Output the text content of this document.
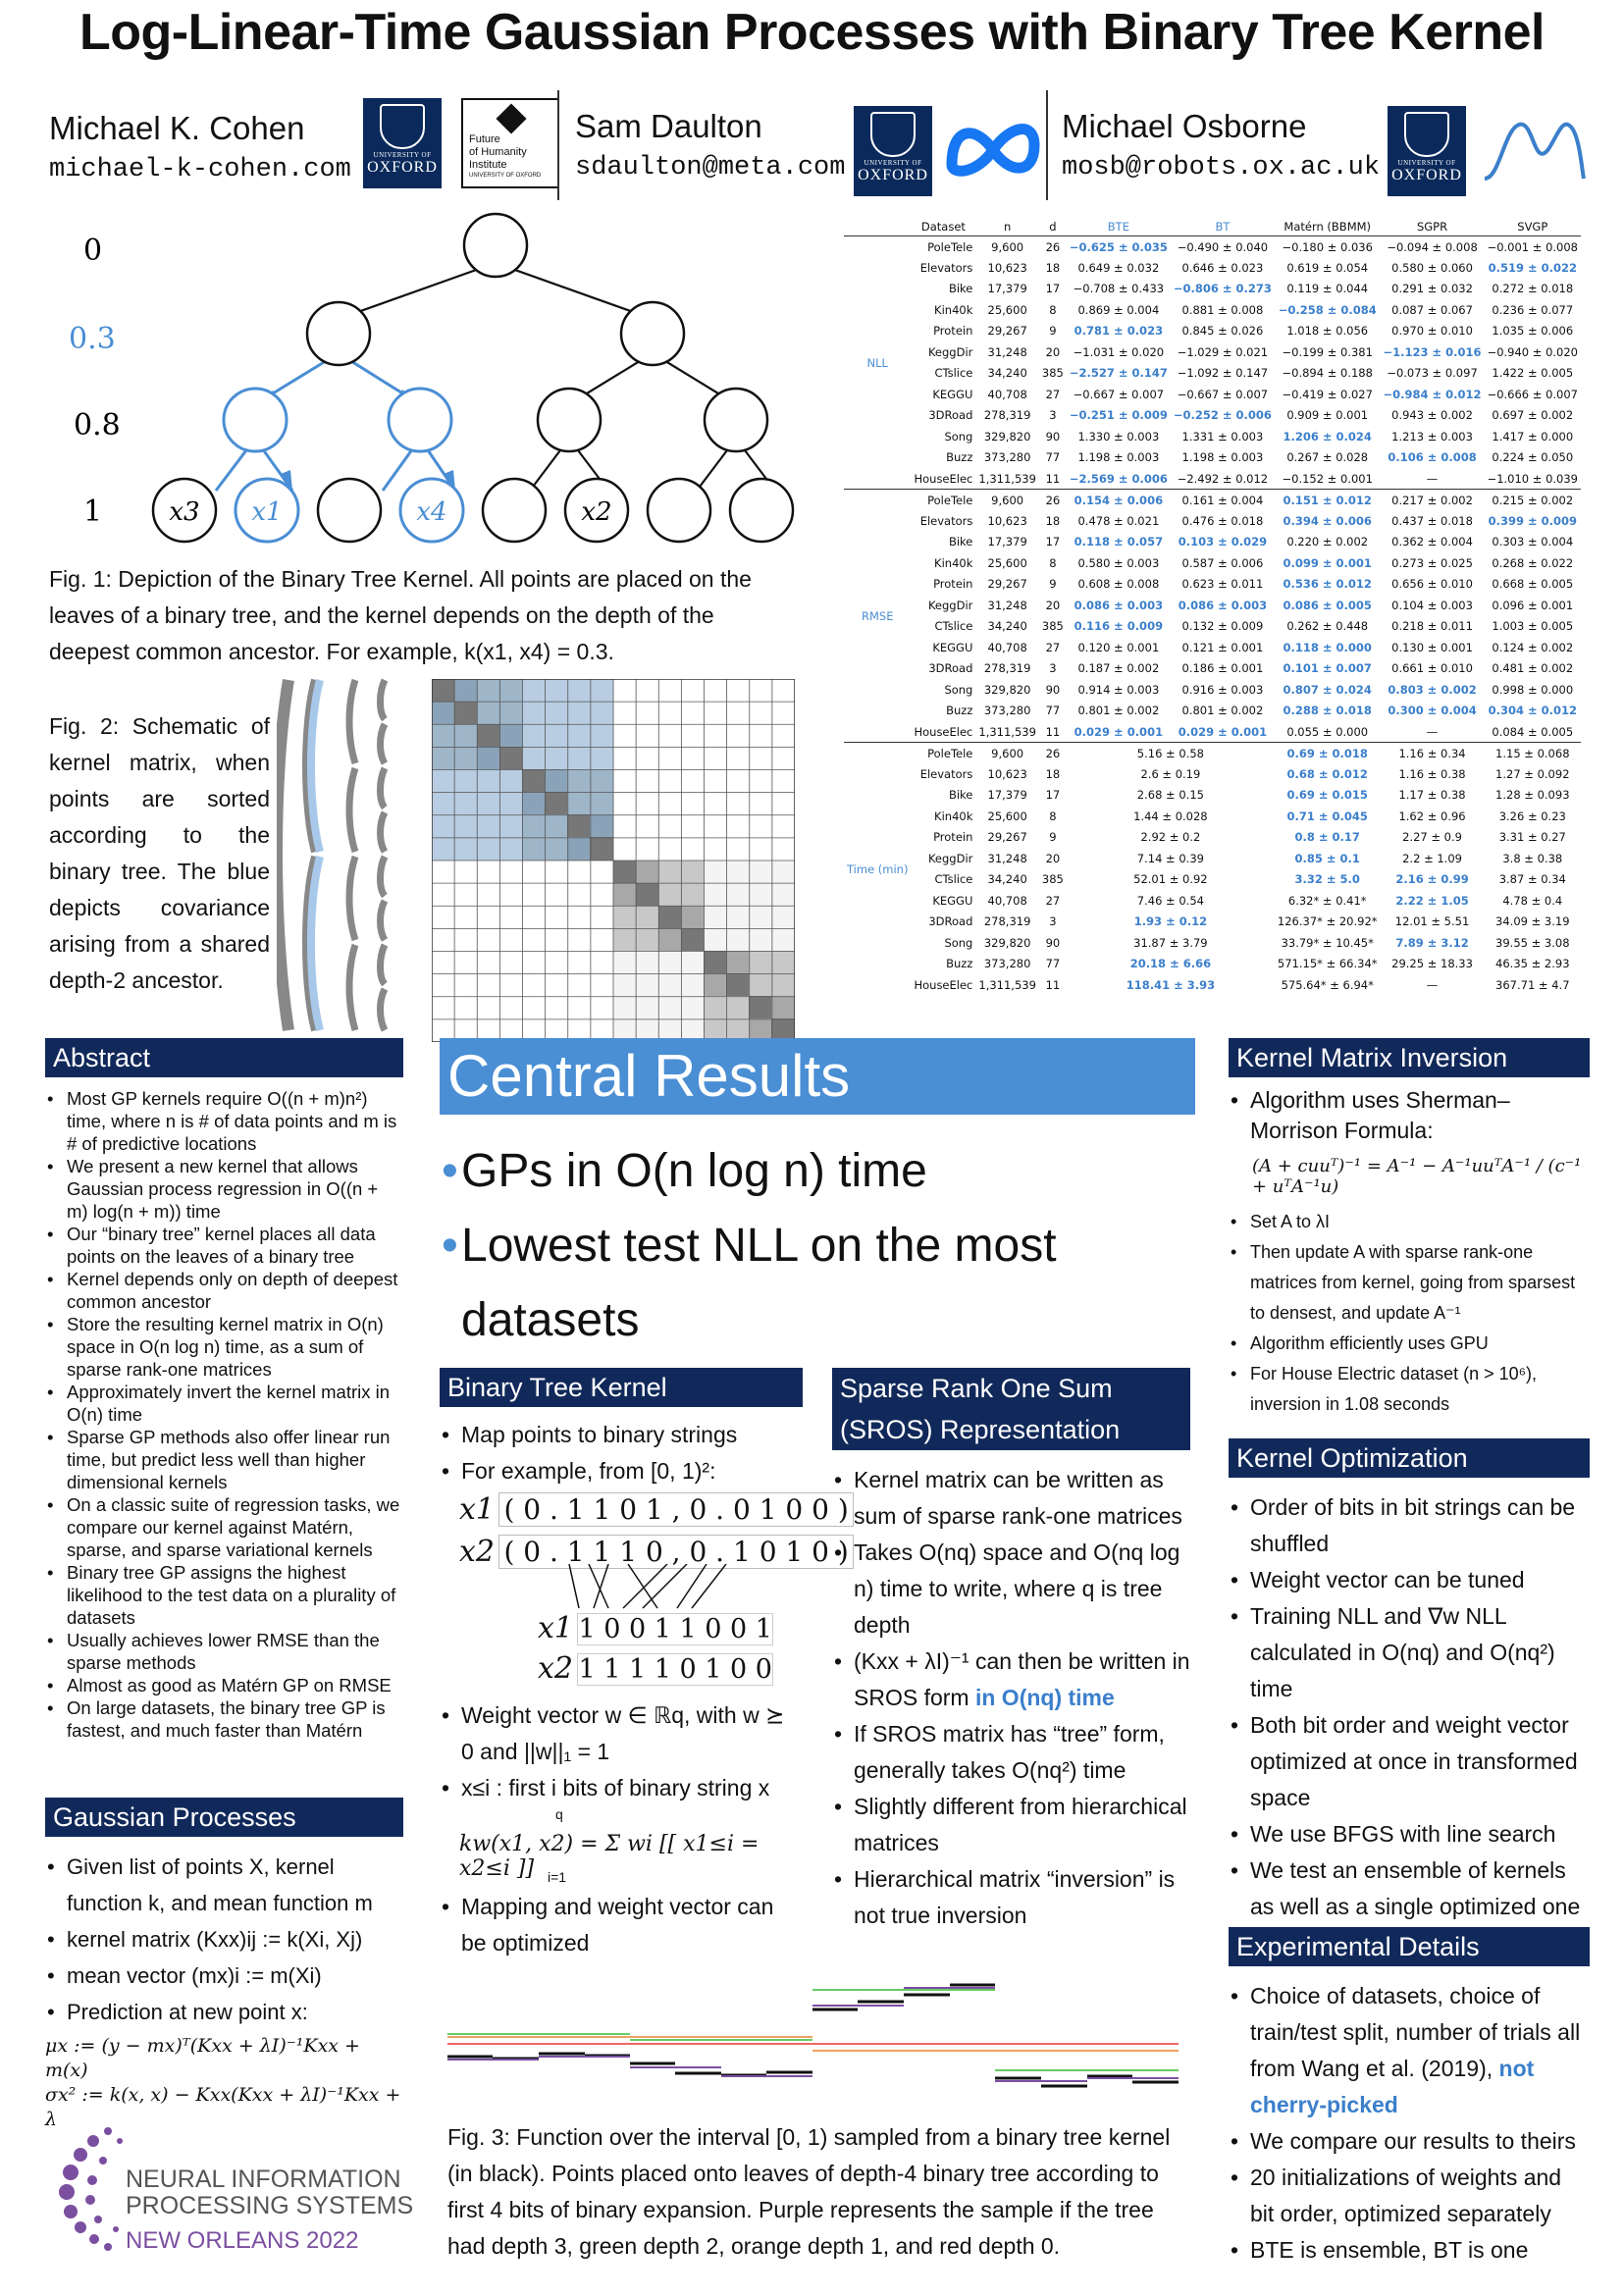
Log-Linear-Time Gaussian Processes with Binary Tree Kernel
Michael K. Cohen
michael-k-cohen.com	UNIVERSITY OF
OXFORD
Future
of Humanity
Institute
UNIVERSITY OF OXFORD
Sam Daulton
sdaulton@meta.com	UNIVERSITY OF
OXFORD
Michael Osborne
mosb@robots.ox.ac.uk	UNIVERSITY OF
OXFORD
0
0.3
0.8
1	x3 x1	x4	x2
Fig. 1: Depiction of the Binary Tree Kernel. All points are placed on the leaves of a binary tree, and the kernel depends on the depth of the deepest common ancestor. For example, k(x1, x4) = 0.3.
Fig. 2: Schematic of kernel matrix, when points are sorted according to the binary tree. The blue depicts covariance arising from a shared depth-2 ancestor.
	Dataset	n	d	BTE	BT	Matérn (BBMM)	SGPR	SVGP
NLL	PoleTele	9,600	26	−0.625 ± 0.035	−0.490 ± 0.040	−0.180 ± 0.036	−0.094 ± 0.008	−0.001 ± 0.008
	Elevators	10,623	18	0.649 ± 0.032	0.646 ± 0.023	0.619 ± 0.054	0.580 ± 0.060	0.519 ± 0.022
	Bike	17,379	17	−0.708 ± 0.433	−0.806 ± 0.273	0.119 ± 0.044	0.291 ± 0.032	0.272 ± 0.018
	Kin40k	25,600	8	0.869 ± 0.004	0.881 ± 0.008	−0.258 ± 0.084	0.087 ± 0.067	0.236 ± 0.077
	Protein	29,267	9	0.781 ± 0.023	0.845 ± 0.026	1.018 ± 0.056	0.970 ± 0.010	1.035 ± 0.006
	KeggDir	31,248	20	−1.031 ± 0.020	−1.029 ± 0.021	−0.199 ± 0.381	−1.123 ± 0.016	−0.940 ± 0.020
	CTslice	34,240	385	−2.527 ± 0.147	−1.092 ± 0.147	−0.894 ± 0.188	−0.073 ± 0.097	1.422 ± 0.005
	KEGGU	40,708	27	−0.667 ± 0.007	−0.667 ± 0.007	−0.419 ± 0.027	−0.984 ± 0.012	−0.666 ± 0.007
	3DRoad	278,319	3	−0.251 ± 0.009	−0.252 ± 0.006	0.909 ± 0.001	0.943 ± 0.002	0.697 ± 0.002
	Song	329,820	90	1.330 ± 0.003	1.331 ± 0.003	1.206 ± 0.024	1.213 ± 0.003	1.417 ± 0.000
	Buzz	373,280	77	1.198 ± 0.003	1.198 ± 0.003	0.267 ± 0.028	0.106 ± 0.008	0.224 ± 0.050
	HouseElec	1,311,539	11	−2.569 ± 0.006	−2.492 ± 0.012	−0.152 ± 0.001	—	−1.010 ± 0.039
RMSE	PoleTele	9,600	26	0.154 ± 0.006	0.161 ± 0.004	0.151 ± 0.012	0.217 ± 0.002	0.215 ± 0.002
	Elevators	10,623	18	0.478 ± 0.021	0.476 ± 0.018	0.394 ± 0.006	0.437 ± 0.018	0.399 ± 0.009
	Bike	17,379	17	0.118 ± 0.057	0.103 ± 0.029	0.220 ± 0.002	0.362 ± 0.004	0.303 ± 0.004
	Kin40k	25,600	8	0.580 ± 0.003	0.587 ± 0.006	0.099 ± 0.001	0.273 ± 0.025	0.268 ± 0.022
	Protein	29,267	9	0.608 ± 0.008	0.623 ± 0.011	0.536 ± 0.012	0.656 ± 0.010	0.668 ± 0.005
	KeggDir	31,248	20	0.086 ± 0.003	0.086 ± 0.003	0.086 ± 0.005	0.104 ± 0.003	0.096 ± 0.001
	CTslice	34,240	385	0.116 ± 0.009	0.132 ± 0.009	0.262 ± 0.448	0.218 ± 0.011	1.003 ± 0.005
	KEGGU	40,708	27	0.120 ± 0.001	0.121 ± 0.001	0.118 ± 0.000	0.130 ± 0.001	0.124 ± 0.002
	3DRoad	278,319	3	0.187 ± 0.002	0.186 ± 0.001	0.101 ± 0.007	0.661 ± 0.010	0.481 ± 0.002
	Song	329,820	90	0.914 ± 0.003	0.916 ± 0.003	0.807 ± 0.024	0.803 ± 0.002	0.998 ± 0.000
	Buzz	373,280	77	0.801 ± 0.002	0.801 ± 0.002	0.288 ± 0.018	0.300 ± 0.004	0.304 ± 0.012
	HouseElec	1,311,539	11	0.029 ± 0.001	0.029 ± 0.001	0.055 ± 0.000	—	0.084 ± 0.005
Time (min)	PoleTele	9,600	26	5.16 ± 0.58		0.69 ± 0.018	1.16 ± 0.34	1.15 ± 0.068
	Elevators	10,623	18	2.6 ± 0.19		0.68 ± 0.012	1.16 ± 0.38	1.27 ± 0.092
	Bike	17,379	17	2.68 ± 0.15		0.69 ± 0.015	1.17 ± 0.38	1.28 ± 0.093
	Kin40k	25,600	8	1.44 ± 0.028		0.71 ± 0.045	1.62 ± 0.96	3.26 ± 0.23
	Protein	29,267	9	2.92 ± 0.2		0.8 ± 0.17	2.27 ± 0.9	3.31 ± 0.27
	KeggDir	31,248	20	7.14 ± 0.39		0.85 ± 0.1	2.2 ± 1.09	3.8 ± 0.38
	CTslice	34,240	385	52.01 ± 0.92		3.32 ± 5.0	2.16 ± 0.99	3.87 ± 0.34
	KEGGU	40,708	27	7.46 ± 0.54		6.32* ± 0.41*	2.22 ± 1.05	4.78 ± 0.4
	3DRoad	278,319	3	1.93 ± 0.12		126.37* ± 20.92*	12.01 ± 5.51	34.09 ± 3.19
	Song	329,820	90	31.87 ± 3.79		33.79* ± 10.45*	7.89 ± 3.12	39.55 ± 3.08
	Buzz	373,280	77	20.18 ± 6.66		571.15* ± 66.34*	29.25 ± 18.33	46.35 ± 2.93
	HouseElec	1,311,539	11	118.41 ± 3.93		575.64* ± 6.94*	—	367.71 ± 4.7
Abstract
• Most GP kernels require O((n + m)n²) time, where n is # of data points and m is # of predictive locations
• We present a new kernel that allows Gaussian process regression in O((n + m) log(n + m)) time
• Our “binary tree” kernel places all data points on the leaves of a binary tree
• Kernel depends only on depth of deepest common ancestor
• Store the resulting kernel matrix in O(n) space in O(n log n) time, as a sum of sparse rank-one matrices
• Approximately invert the kernel matrix in O(n) time
• Sparse GP methods also offer linear run time, but predict less well than higher dimensional kernels
• On a classic suite of regression tasks, we compare our kernel against Matérn, sparse, and sparse variational kernels
• Binary tree GP assigns the highest likelihood to the test data on a plurality of datasets
• Usually achieves lower RMSE than the sparse methods
• Almost as good as Matérn GP on RMSE
• On large datasets, the binary tree GP is fastest, and much faster than Matérn
Gaussian Processes
• Given list of points X, kernel function k, and mean function m
• kernel matrix (Kxx)ij := k(Xi, Xj)
• mean vector (mx)i := m(Xi)
• Prediction at new point x:
μx := (y − mx)ᵀ(Kxx + λI)⁻¹Kxx + m(x)
σx² := k(x, x) − Kxx(Kxx + λI)⁻¹Kxx + λ
NEURAL INFORMATION
PROCESSING SYSTEMS
NEW ORLEANS 2022
Central Results
• GPs in O(n log n) time
• Lowest test NLL on the most datasets
Binary Tree Kernel
• Map points to binary strings
• For example, from [0, 1)²:
x1 ( 0 . 1 1 0 1 , 0 . 0 1 0 0 )
x2 ( 0 . 1 1 1 0 , 0 . 1 0 1 0 )
x1 1 0 0 1 1 0 0 1
x2 1 1 1 1 0 1 0 0
• Weight vector w ∈ ℝq, with w ⪰ 0 and ||w||₁ = 1
• x≤i : first i bits of binary string x
q
i=1
kw(x1, x2) = Σ wi [[ x1≤i = x2≤i ]]
• Mapping and weight vector can be optimized
Sparse Rank One Sum (SROS) Representation
• Kernel matrix can be written as sum of sparse rank-one matrices
• Takes O(nq) space and O(nq log n) time to write, where q is tree depth
• (Kxx + λI)⁻¹ can then be written in SROS form in O(nq) time
• If SROS matrix has “tree” form, generally takes O(nq²) time
• Slightly different from hierarchical matrices
• Hierarchical matrix “inversion” is not true inversion
Fig. 3: Function over the interval [0, 1) sampled from a binary tree kernel (in black). Points placed onto leaves of depth-4 binary tree according to first 4 bits of binary expansion. Purple represents the sample if the tree had depth 3, green depth 2, orange depth 1, and red depth 0.
Kernel Matrix Inversion
• Algorithm uses Sherman–Morrison Formula:
(A + cuuᵀ)⁻¹ = A⁻¹ − A⁻¹uuᵀA⁻¹ / (c⁻¹ + uᵀA⁻¹u)
• Set A to λI
• Then update A with sparse rank-one matrices from kernel, going from sparsest to densest, and update A⁻¹
• Algorithm efficiently uses GPU
• For House Electric dataset (n > 10⁶), inversion in 1.08 seconds
Kernel Optimization
• Order of bits in bit strings can be shuffled
• Weight vector can be tuned
• Training NLL and ∇w NLL calculated in O(nq) and O(nq²) time
• Both bit order and weight vector optimized at once in transformed space
• We use BFGS with line search
• We test an ensemble of kernels as well as a single optimized one
Experimental Details
• Choice of datasets, choice of train/test split, number of trials all from Wang et al. (2019), not cherry-picked
• We compare our results to theirs
• 20 initializations of weights and bit order, optimized separately
• BTE is ensemble, BT is one
